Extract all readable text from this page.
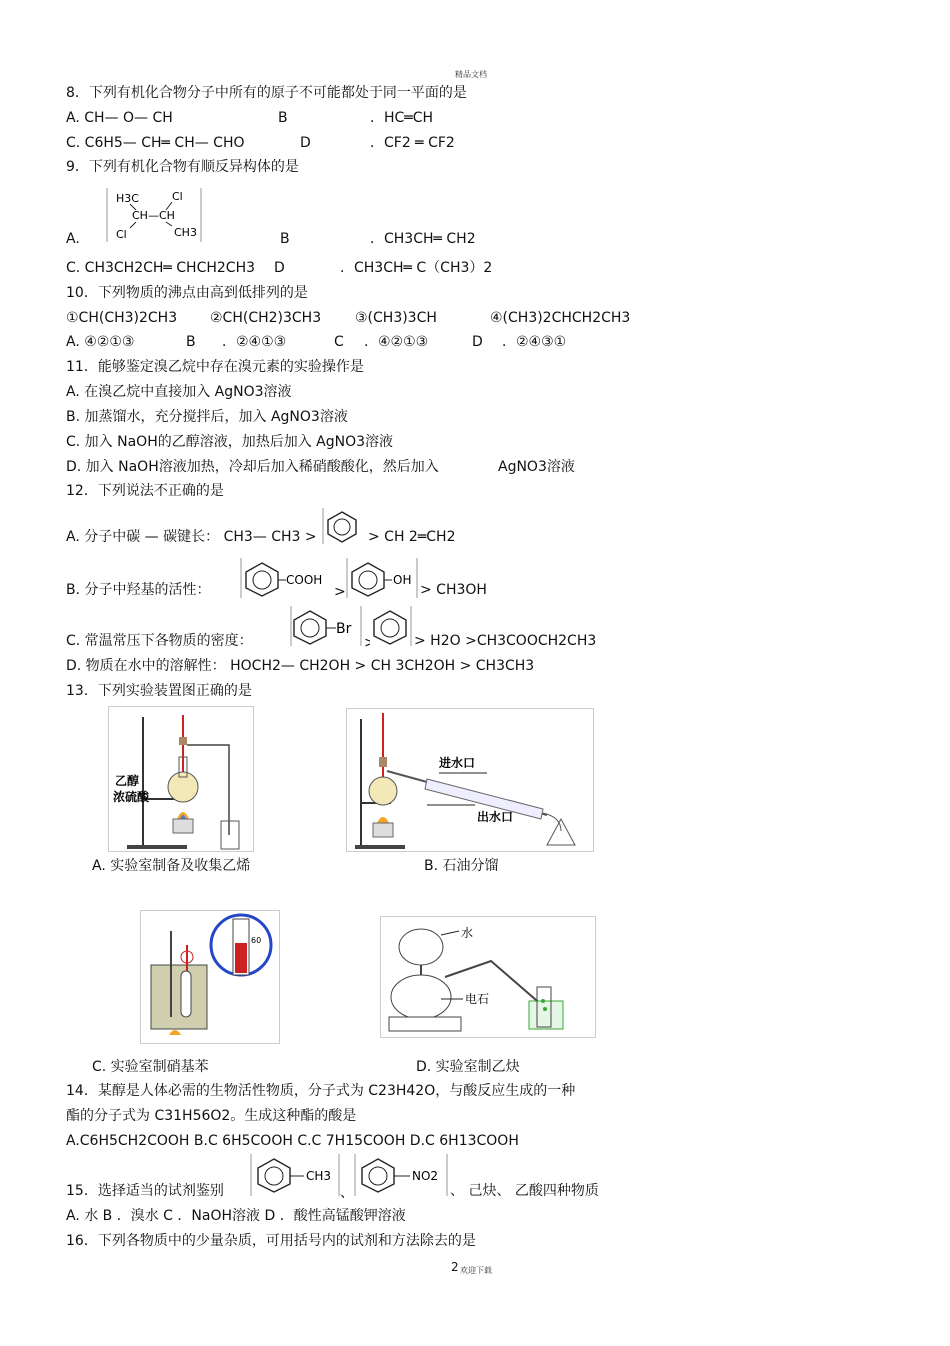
精品文档
8．下列有机化合物分子中所有的原子不可能都处于同一平面的是
A. CH— O— CH	B	．HC═CH
C. C6H5— CH═ CH— CHO	D	．CF2 ═ CF2
9．下列有机化合物有顺反异构体的是
A.
H3C	Cl
CH—CH
Cl	CH3	B	．CH3CH═ CH2
C. CH3CH2CH═ CHCH2CH3 D	．CH3CH═ C（CH3）2
10．下列物质的沸点由高到低排列的是
①CH(CH3)2CH3 ②CH(CH2)3CH3 ③(CH3)3CH	④(CH3)2CHCH2CH3
A. ④②①③	B ．②④①③	C ．④②①③	D ．②④③①
11．能够鉴定溴乙烷中存在溴元素的实验操作是
A. 在溴乙烷中直接加入 AgNO3溶液
B. 加蒸馏水，充分搅拌后，加入 AgNO3溶液
C. 加入 NaOH的乙醇溶液，加热后加入 AgNO3溶液
D. 加入 NaOH溶液加热，冷却后加入稀硝酸酸化，然后加入	AgNO3溶液
12．下列说法不正确的是
A. 分子中碳 — 碳键长： CH3— CH3 >	> CH 2═CH2
B. 分子中羟基的活性：
COOH
>
OH
> CH3OH
C. 常温常压下各物质的密度：
Br
>	> H2O >CH3COOCH2CH3
D. 物质在水中的溶解性： HOCH2— CH2OH > CH 3CH2OH > CH3CH3
13．下列实验装置图正确的是
乙醇
浓硫酸
A. 实验室制备及收集乙烯
进水口
出水口
B. 石油分馏
60
C. 实验室制硝基苯
水
电石
D. 实验室制乙炔
14．某醇是人体必需的生物活性物质，分子式为 C23H42O，与酸反应生成的一种
酯的分子式为 C31H56O2。生成这种酯的酸是
A.C6H5CH2COOH B.C 6H5COOH C.C 7H15COOH D.C 6H13COOH
15．选择适当的试剂鉴别
CH3
、
NO2
、 己炔、 乙酸四种物质
A. 水 B ．溴水 C ．NaOH溶液 D ．酸性高锰酸钾溶液
16．下列各物质中的少量杂质，可用括号内的试剂和方法除去的是
2 欢迎下载
